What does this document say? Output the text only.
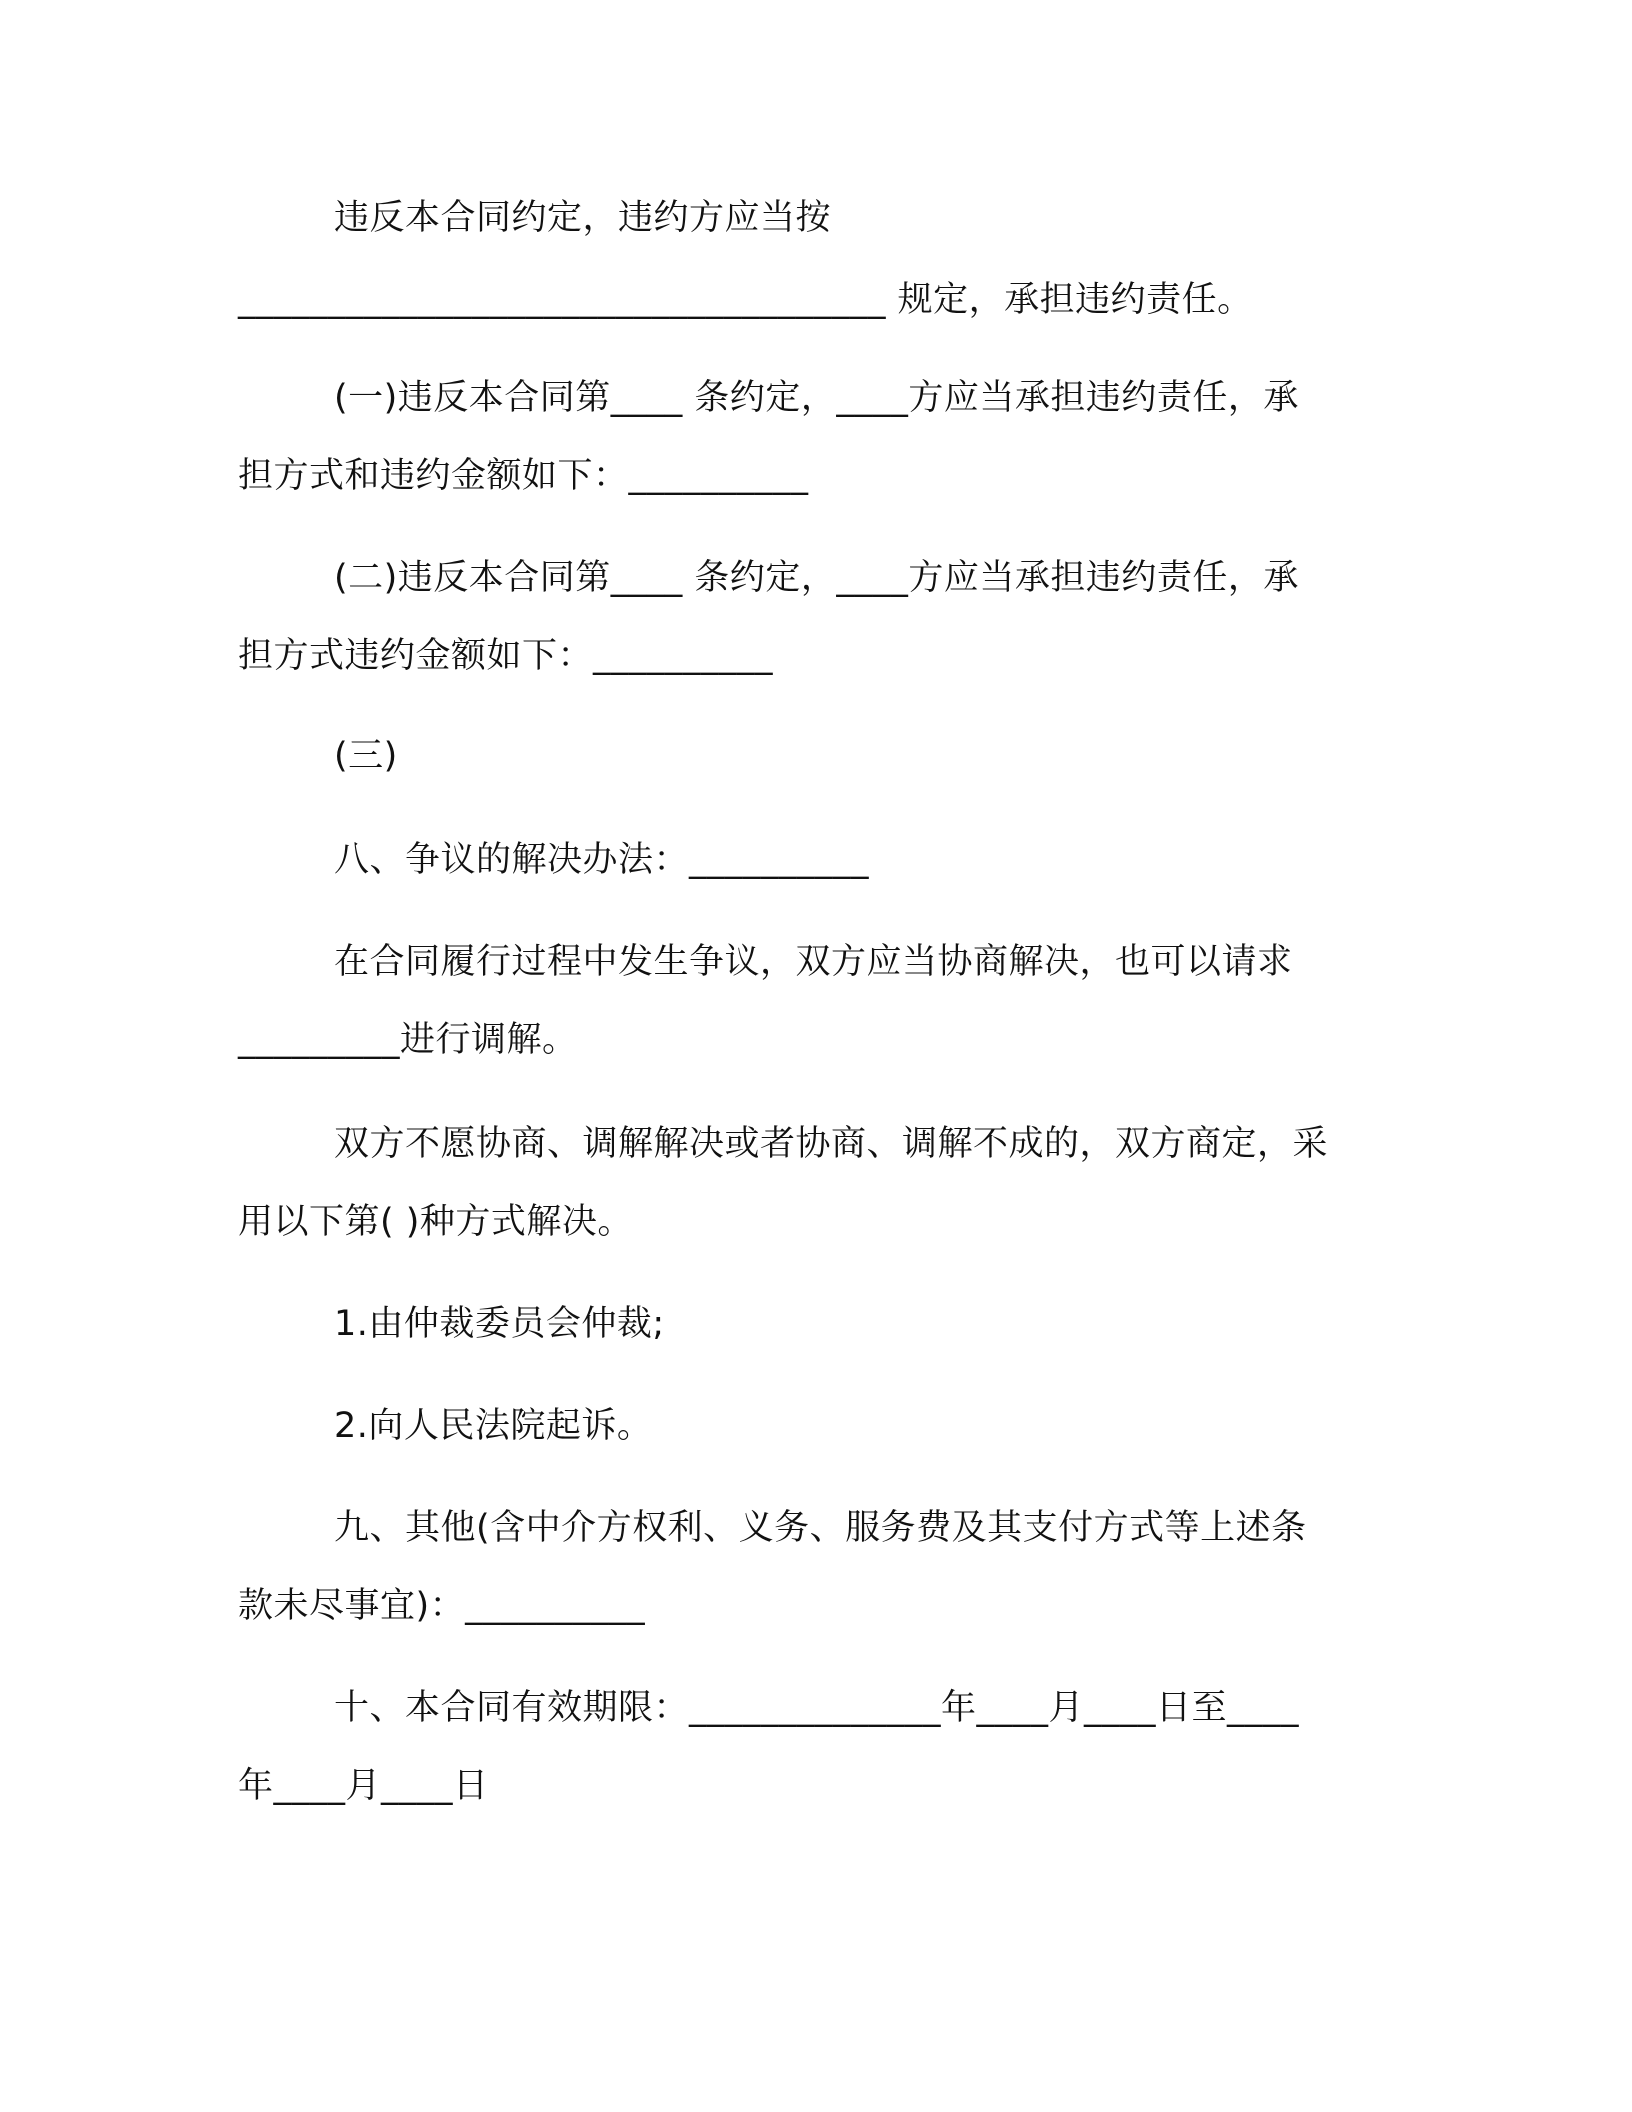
违反本合同约定，违约方应当按
____________________________________ 规定，承担违约责任。
(一)违反本合同第____ 条约定，____方应当承担违约责任，承
担方式和违约金额如下：__________
(二)违反本合同第____ 条约定，____方应当承担违约责任，承
担方式违约金额如下：__________
(三)
八、争议的解决办法：__________
在合同履行过程中发生争议，双方应当协商解决，也可以请求
_________进行调解。
双方不愿协商、调解解决或者协商、调解不成的，双方商定，采
用以下第( )种方式解决。
1.由仲裁委员会仲裁;
2.向人民法院起诉。
九、其他(含中介方权利、义务、服务费及其支付方式等上述条
款未尽事宜)：__________
十、本合同有效期限：______________年____月____日至____
年____月____日
